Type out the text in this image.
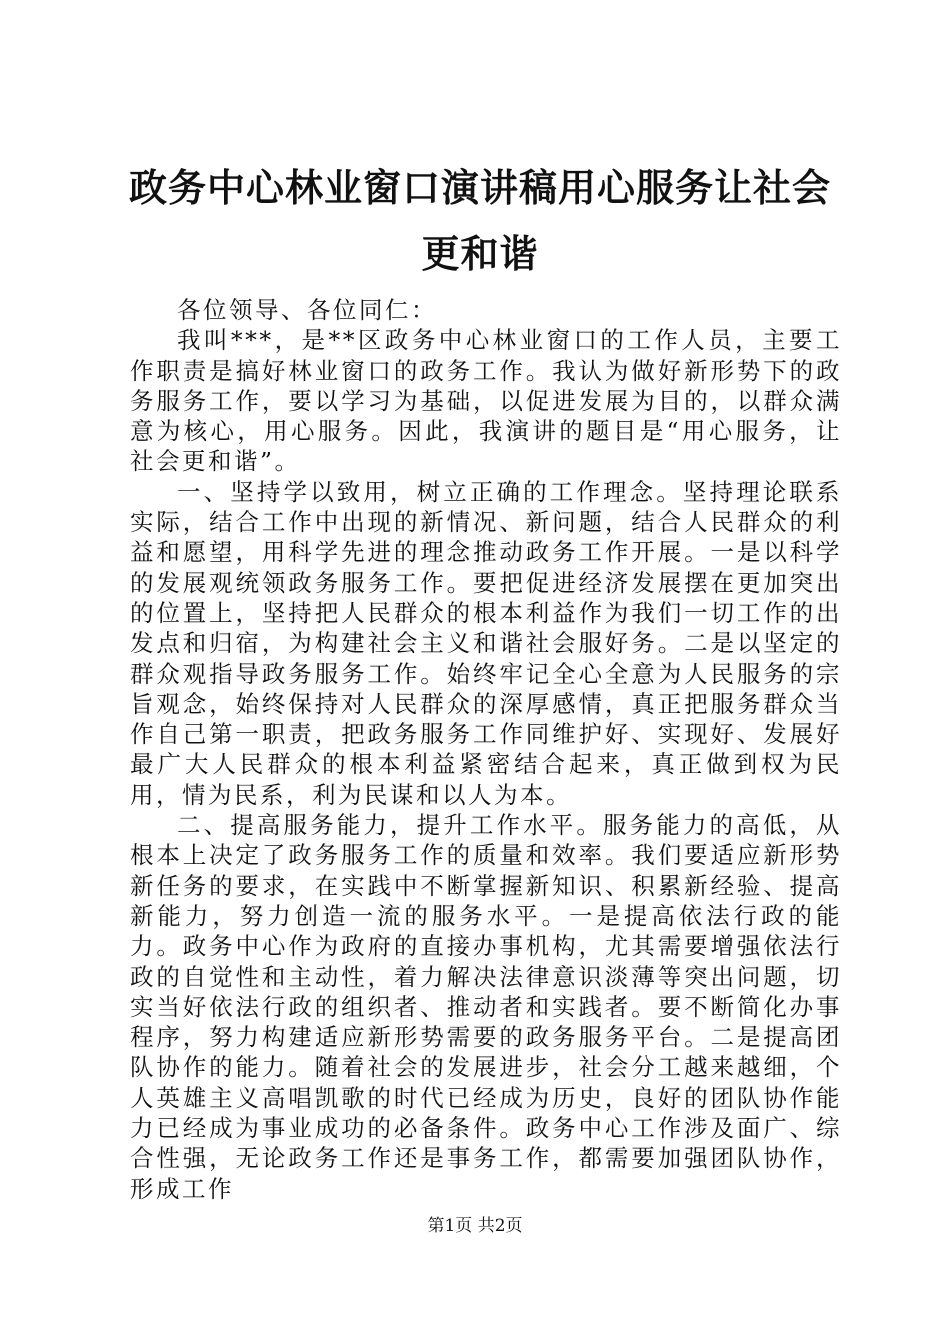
政务中心林业窗口演讲稿用心服务让社会更和谐

各位领导、各位同仁：

我叫***，是**区政务中心林业窗口的工作人员，主要工作职责是搞好林业窗口的政务工作。我认为做好新形势下的政务服务工作，要以学习为基础，以促进发展为目的，以群众满意为核心，用心服务。因此，我演讲的题目是“用心服务，让社会更和谐”。

一、坚持学以致用，树立正确的工作理念。坚持理论联系实际，结合工作中出现的新情况、新问题，结合人民群众的利益和愿望，用科学先进的理念推动政务工作开展。一是以科学的发展观统领政务服务工作。要把促进经济发展摆在更加突出的位置上，坚持把人民群众的根本利益作为我们一切工作的出发点和归宿，为构建社会主义和谐社会服好务。二是以坚定的群众观指导政务服务工作。始终牢记全心全意为人民服务的宗旨观念，始终保持对人民群众的深厚感情，真正把服务群众当作自己第一职责，把政务服务工作同维护好、实现好、发展好最广大人民群众的根本利益紧密结合起来，真正做到权为民用，情为民系，利为民谋和以人为本。

二、提高服务能力，提升工作水平。服务能力的高低，从根本上决定了政务服务工作的质量和效率。我们要适应新形势新任务的要求，在实践中不断掌握新知识、积累新经验、提高新能力，努力创造一流的服务水平。一是提高依法行政的能力。政务中心作为政府的直接办事机构，尤其需要增强依法行政的自觉性和主动性，着力解决法律意识淡薄等突出问题，切实当好依法行政的组织者、推动者和实践者。要不断简化办事程序，努力构建适应新形势需要的政务服务平台。二是提高团队协作的能力。随着社会的发展进步，社会分工越来越细，个人英雄主义高唱凯歌的时代已经成为历史，良好的团队协作能力已经成为事业成功的必备条件。政务中心工作涉及面广、综合性强，无论政务工作还是事务工作，都需要加强团队协作，形成工作

第1页 共2页
